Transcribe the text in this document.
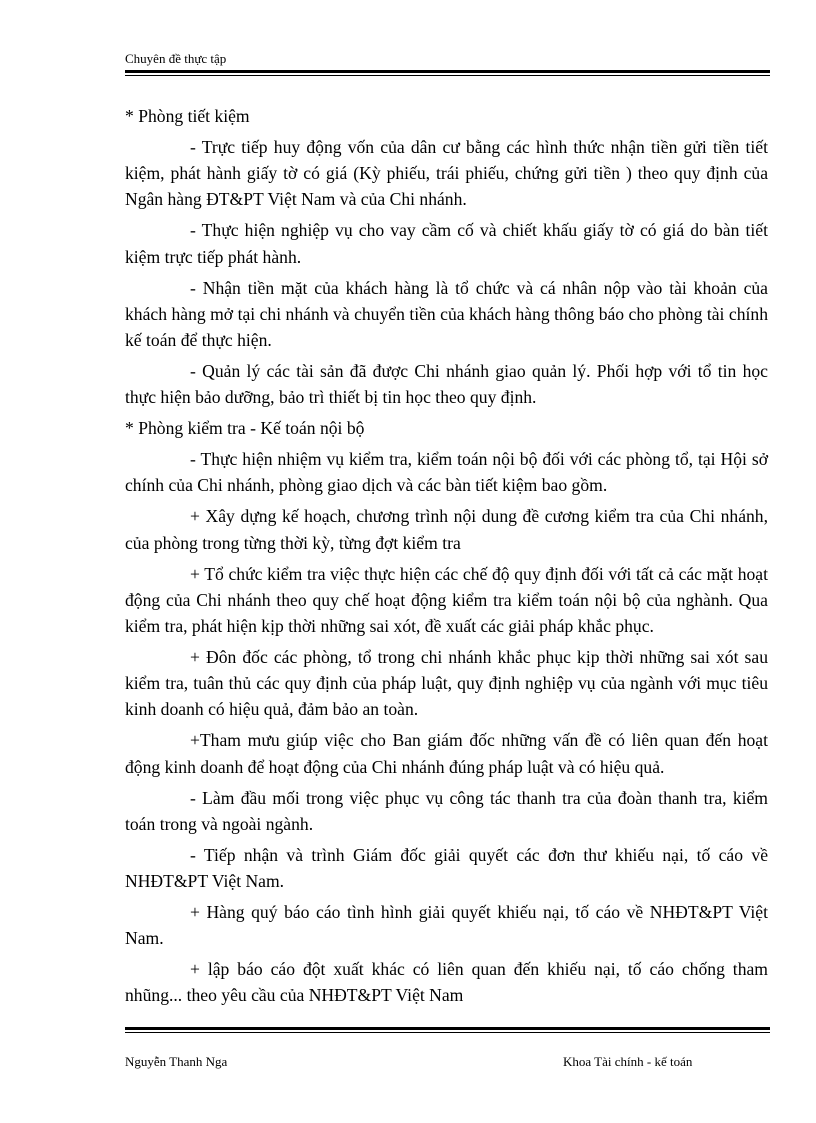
Chuyên đề thực tập

* Phòng tiết kiệm

- Trực tiếp huy động vốn của dân cư bằng các hình thức nhận tiền gửi tiền tiết kiệm, phát hành giấy tờ có giá (Kỳ phiếu, trái phiếu, chứng gửi tiền ) theo quy định của Ngân hàng ĐT&PT Việt Nam và của Chi nhánh.

- Thực hiện nghiệp vụ cho vay cầm cố và chiết khấu giấy tờ có giá do bàn tiết kiệm trực tiếp phát hành.

- Nhận tiền mặt của khách hàng là tổ chức và cá nhân nộp vào tài khoản của khách hàng mở tại chi nhánh và chuyển tiền của khách hàng thông báo cho phòng tài chính kế toán để thực hiện.

- Quản lý các tài sản đã được Chi nhánh giao quản lý. Phối hợp với tổ tin học thực hiện bảo dưỡng, bảo trì thiết bị tin học theo quy định.

* Phòng kiểm tra - Kế toán nội bộ

- Thực hiện nhiệm vụ kiểm tra, kiểm toán nội bộ đối với các phòng tổ, tại Hội sở chính của Chi nhánh, phòng giao dịch và các bàn tiết kiệm bao gồm.

+ Xây dựng kế hoạch, chương trình nội dung đề cương kiểm tra của Chi nhánh, của phòng trong từng thời kỳ, từng đợt kiểm tra

+ Tổ chức kiểm tra việc thực hiện các chế độ quy định đối với tất cả các mặt hoạt động của Chi nhánh theo quy chế hoạt động kiểm tra kiểm toán nội bộ của nghành. Qua kiểm tra, phát hiện kịp thời những sai xót, đề xuất các giải pháp khắc phục.

+ Đôn đốc các phòng, tổ trong chi nhánh khắc phục kịp thời những sai xót sau kiểm tra, tuân thủ các quy định của pháp luật, quy định nghiệp vụ của ngành với mục tiêu kinh doanh có hiệu quả, đảm bảo an toàn.

+Tham mưu giúp việc cho Ban giám đốc những vấn đề có liên quan đến hoạt động kinh doanh để hoạt động của Chi nhánh đúng pháp luật và có hiệu quả.

- Làm đầu mối trong việc phục vụ công tác thanh tra của đoàn thanh tra, kiểm toán trong và ngoài ngành.

- Tiếp nhận và trình Giám đốc giải quyết các đơn thư khiếu nại, tố cáo về NHĐT&PT Việt Nam.

+ Hàng quý báo cáo tình hình giải quyết khiếu nại, tố cáo về NHĐT&PT Việt Nam.

+ lập báo cáo đột xuất khác có liên quan đến khiếu nại, tố cáo chống tham nhũng... theo yêu cầu của NHĐT&PT Việt Nam

Nguyễn Thanh Nga	Khoa Tài chính - kế toán
